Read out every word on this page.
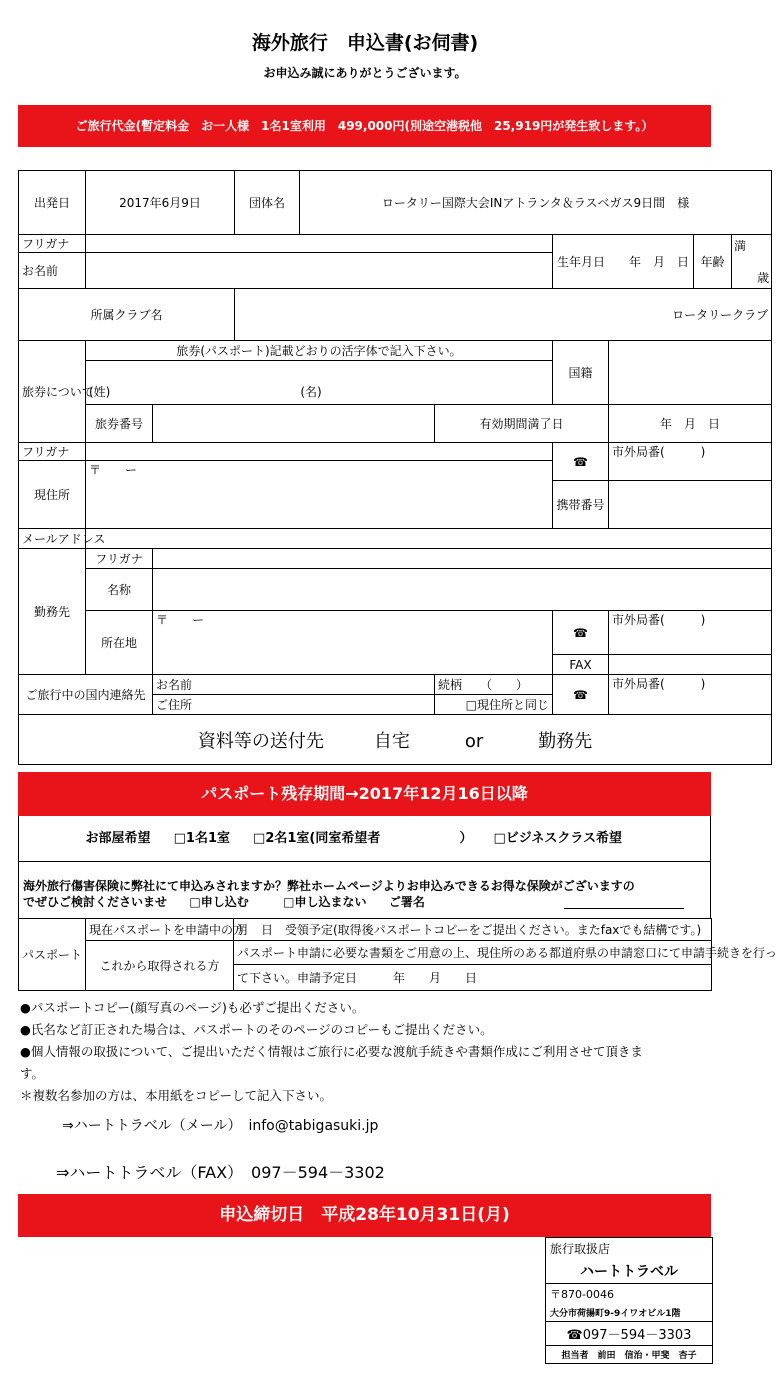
海外旅行　申込書(お伺書)
お申込み誠にありがとうございます。
ご旅行代金(暫定料金　お一人様　1名1室利用　499,000円(別途空港税他　25,919円が発生致します。）
出発日	2017年6月9日		団体名	ロータリー国際大会INアトランタ＆ラスベガス9日間　様					
フリガナ						生年月日　　 年　月　日		年齢	満
歳

お名前									
所属クラブ名			ロータリークラブ						
旅券について	旅券(パスポート)記載どおりの活字体で記入下さい。					国籍			
	(姓) (名)								
	旅券番号				有効期間満了日		年　月　日		
フリガナ						☎	市外局番(　　　)		
現住所	〒　　ー								
						携帯番号			
メールアドレス									
勤務先	フリガナ								
	名称								
	所在地	〒　　ー				☎	市外局番(　　　)		

						FAX			
ご旅行中の国内連絡先		お名前			続柄　　（　　）	☎	市外局番(　　　)		
		ご住所			□現住所と同じ				
資料等の送付先 自宅 or 勤務先									
パスポート残存期間→2017年12月16日以降
お部屋希望 □1名1室 □2名1室(同室希望者	） □ビジネスクラス希望
海外旅行傷害保険に弊社にて申込みされますか？弊社ホームページよりお申込みできるお得な保険がございますの
でぜひご検討くださいませ □申し込む	□申し込まない ご署名
パスポート	現在パスポートを申請中の方	月　日　受領予定(取得後パスポートコピーをご提出ください。またfaxでも結構です。)
	これから取得される方	パスポート申請に必要な書類をご用意の上、現住所のある都道府県の申請窓口にて申請手続きを行っ
		て下さい。申請予定日　　　年　　月　　日
●パスポートコピー(顔写真のページ)も必ずご提出ください。
●氏名など訂正された場合は、パスポートのそのページのコピーもご提出ください。
●個人情報の取扱について、ご提出いただく情報はご旅行に必要な渡航手続きや書類作成にご利用させて頂きま
す。
＊複数名参加の方は、本用紙をコピーして記入下さい。
⇒ハートトラベル（メール）　info@tabigasuki.jp
⇒ハートトラベル（FAX）　097－594－3302
申込締切日　平成28年10月31日(月)
旅行取扱店
ハートトラベル
〒870-0046
大分市荷揚町9-9イワオビル1階
☎097－594－3303
担当者　前田　信治・甲斐　杏子
